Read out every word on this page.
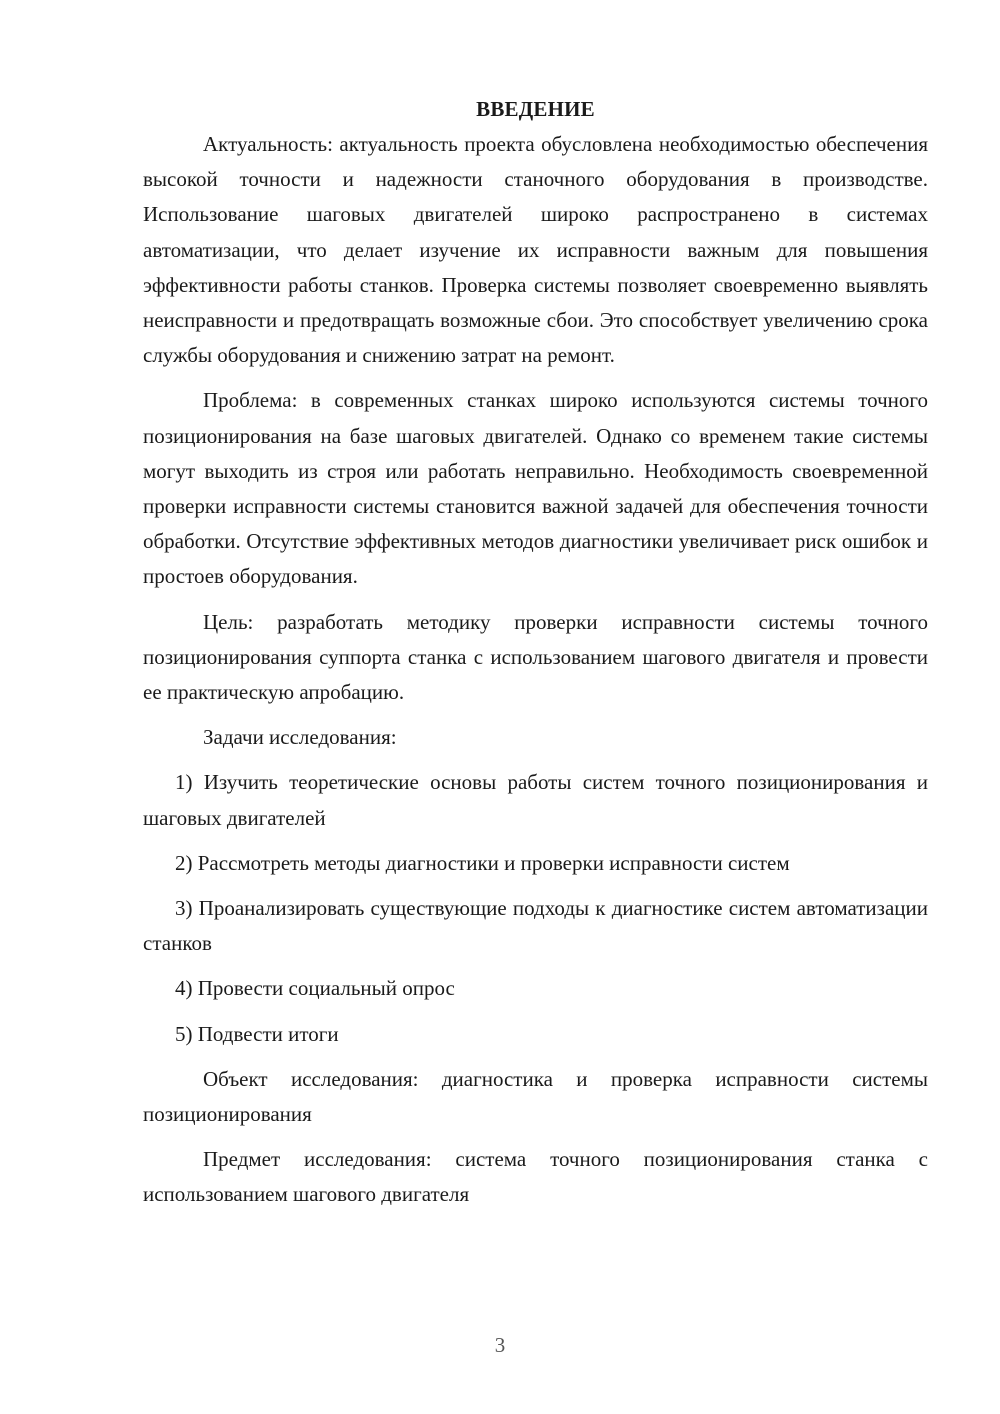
ВВЕДЕНИЕ

Актуальность: актуальность проекта обусловлена необходимостью обеспечения высокой точности и надежности станочного оборудования в производстве. Использование шаговых двигателей широко распространено в системах автоматизации, что делает изучение их исправности важным для повышения эффективности работы станков. Проверка системы позволяет своевременно выявлять неисправности и предотвращать возможные сбои. Это способствует увеличению срока службы оборудования и снижению затрат на ремонт.

Проблема: в современных станках широко используются системы точного позиционирования на базе шаговых двигателей. Однако со временем такие системы могут выходить из строя или работать неправильно. Необходимость своевременной проверки исправности системы становится важной задачей для обеспечения точности обработки. Отсутствие эффективных методов диагностики увеличивает риск ошибок и простоев оборудования.

Цель: разработать методику проверки исправности системы точного позиционирования суппорта станка с использованием шагового двигателя и провести ее практическую апробацию.

Задачи исследования:

1) Изучить теоретические основы работы систем точного позиционирования и шаговых двигателей

2) Рассмотреть методы диагностики и проверки исправности систем

3) Проанализировать существующие подходы к диагностике систем автоматизации станков

4) Провести социальный опрос

5) Подвести итоги

Объект исследования: диагностика и проверка исправности системы позиционирования

Предмет исследования: система точного позиционирования станка с использованием шагового двигателя

3
